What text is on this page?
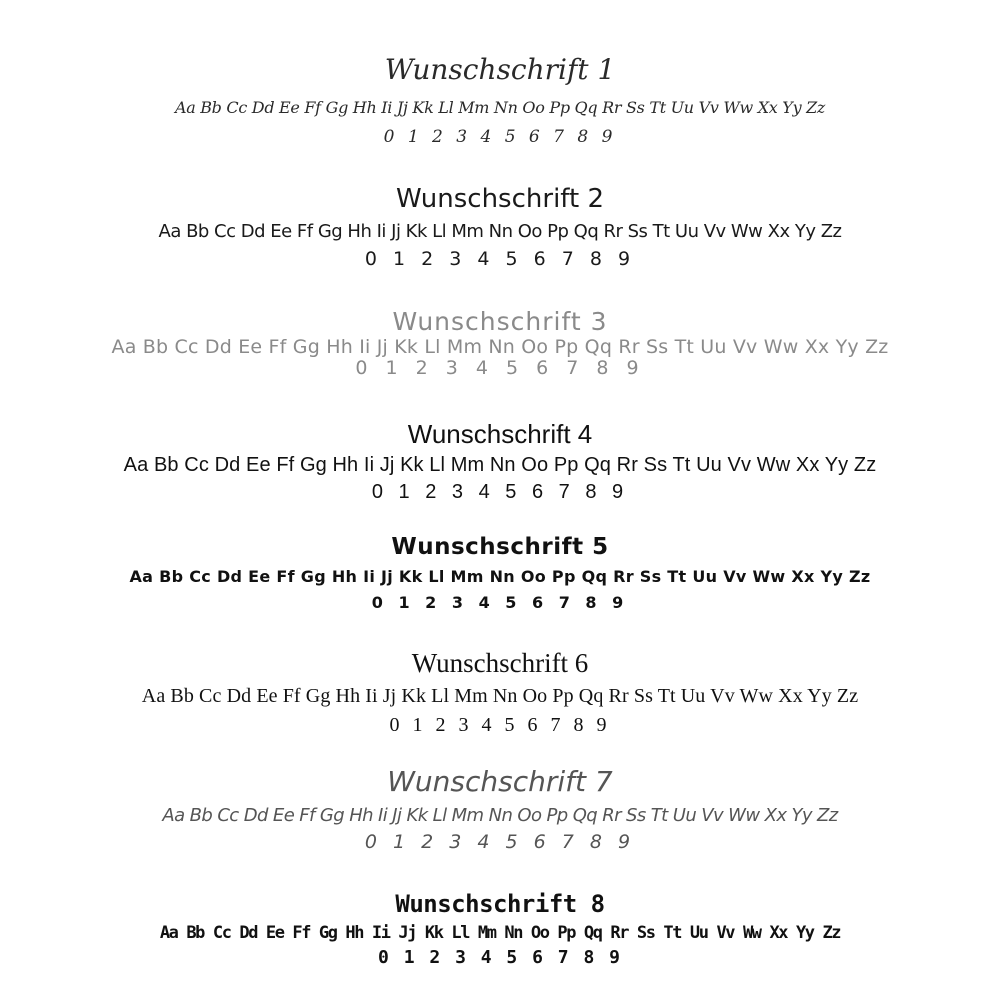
Wunschschrift 1
Aa Bb Cc Dd Ee Ff Gg Hh Ii Jj Kk Ll Mm Nn Oo Pp Qq Rr Ss Tt Uu Vv Ww Xx Yy Zz
0 1 2 3 4 5 6 7 8 9
Wunschschrift 2
Aa Bb Cc Dd Ee Ff Gg Hh Ii Jj Kk Ll Mm Nn Oo Pp Qq Rr Ss Tt Uu Vv Ww Xx Yy Zz
0 1 2 3 4 5 6 7 8 9
Wunschschrift 3
Aa Bb Cc Dd Ee Ff Gg Hh Ii Jj Kk Ll Mm Nn Oo Pp Qq Rr Ss Tt Uu Vv Ww Xx Yy Zz
0 1 2 3 4 5 6 7 8 9
Wunschschrift 4
Aa Bb Cc Dd Ee Ff Gg Hh Ii Jj Kk Ll Mm Nn Oo Pp Qq Rr Ss Tt Uu Vv Ww Xx Yy Zz
0 1 2 3 4 5 6 7 8 9
Wunschschrift 5
Aa Bb Cc Dd Ee Ff Gg Hh Ii Jj Kk Ll Mm Nn Oo Pp Qq Rr Ss Tt Uu Vv Ww Xx Yy Zz
0 1 2 3 4 5 6 7 8 9
Wunschschrift 6
Aa Bb Cc Dd Ee Ff Gg Hh Ii Jj Kk Ll Mm Nn Oo Pp Qq Rr Ss Tt Uu Vv Ww Xx Yy Zz
0 1 2 3 4 5 6 7 8 9
Wunschschrift 7
Aa Bb Cc Dd Ee Ff Gg Hh Ii Jj Kk Ll Mm Nn Oo Pp Qq Rr Ss Tt Uu Vv Ww Xx Yy Zz
0 1 2 3 4 5 6 7 8 9
Wunschschrift 8
Aa Bb Cc Dd Ee Ff Gg Hh Ii Jj Kk Ll Mm Nn Oo Pp Qq Rr Ss Tt Uu Vv Ww Xx Yy Zz
0 1 2 3 4 5 6 7 8 9
